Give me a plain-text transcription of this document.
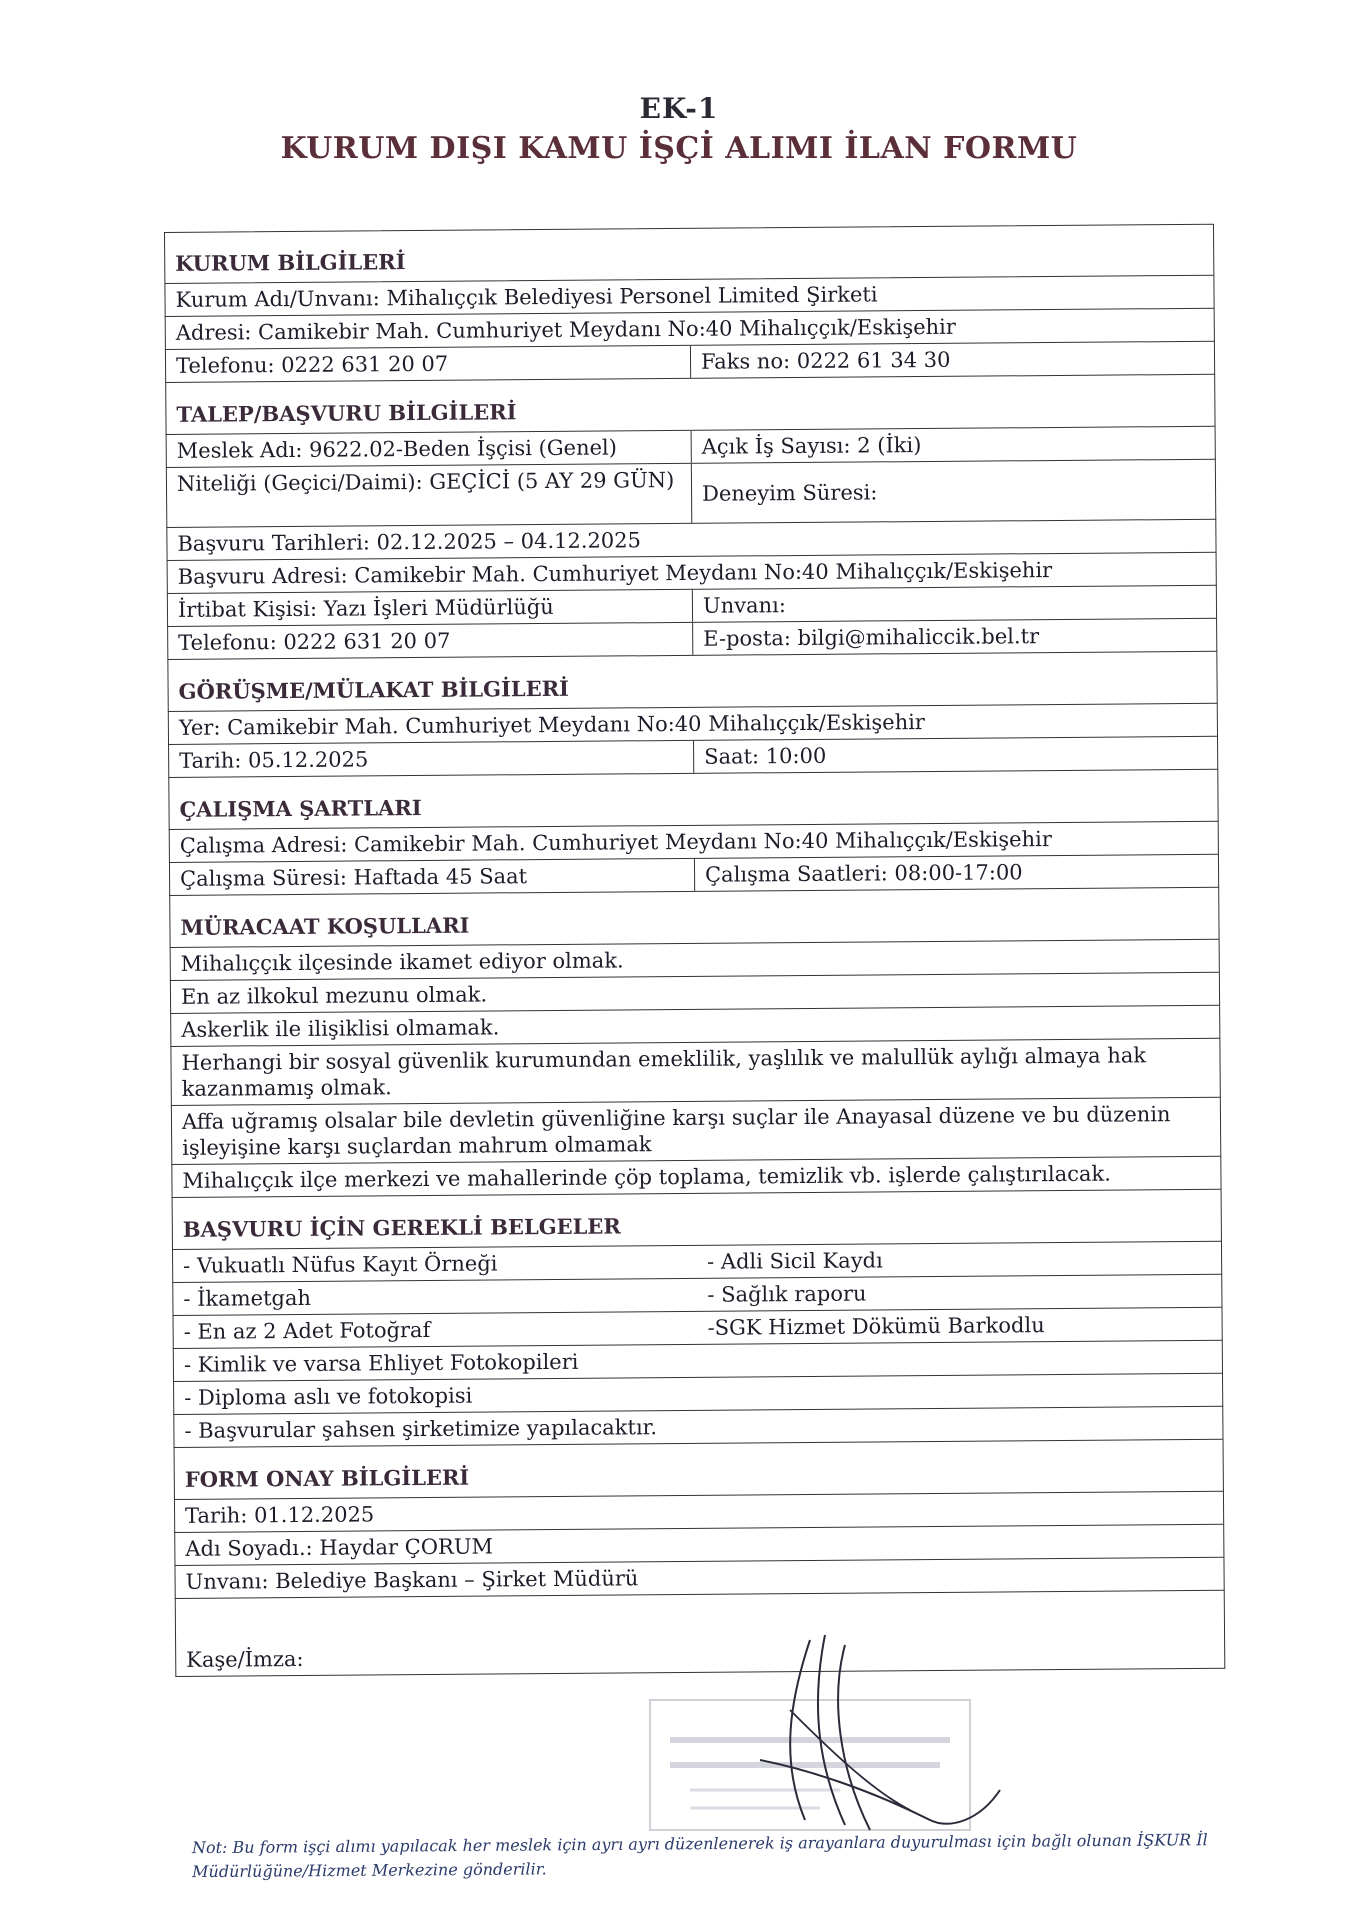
EK-1
KURUM DIŞI KAMU İŞÇİ ALIMI İLAN FORMU
KURUM BİLGİLERİ
Kurum Adı/Unvanı: Mihalıççık Belediyesi Personel Limited Şirketi
Adresi: Camikebir Mah. Cumhuriyet Meydanı No:40 Mihalıççık/Eskişehir
Telefonu: 0222 631 20 07	Faks no: 0222 61 34 30
TALEP/BAŞVURU BİLGİLERİ
Meslek Adı: 9622.02-Beden İşçisi (Genel)	Açık İş Sayısı: 2 (İki)
Niteliği (Geçici/Daimi): GEÇİCİ (5 AY 29 GÜN)	Deneyim Süresi:
Başvuru Tarihleri: 02.12.2025 – 04.12.2025
Başvuru Adresi: Camikebir Mah. Cumhuriyet Meydanı No:40 Mihalıççık/Eskişehir
İrtibat Kişisi: Yazı İşleri Müdürlüğü	Unvanı:
Telefonu: 0222 631 20 07	E-posta: bilgi@mihaliccik.bel.tr
GÖRÜŞME/MÜLAKAT BİLGİLERİ
Yer: Camikebir Mah. Cumhuriyet Meydanı No:40 Mihalıççık/Eskişehir
Tarih: 05.12.2025	Saat: 10:00
ÇALIŞMA ŞARTLARI
Çalışma Adresi: Camikebir Mah. Cumhuriyet Meydanı No:40 Mihalıççık/Eskişehir
Çalışma Süresi: Haftada 45 Saat	Çalışma Saatleri: 08:00-17:00
MÜRACAAT KOŞULLARI
Mihalıççık ilçesinde ikamet ediyor olmak.
En az ilkokul mezunu olmak.
Askerlik ile ilişiklisi olmamak.
Herhangi bir sosyal güvenlik kurumundan emeklilik, yaşlılık ve malullük aylığı almaya hak kazanmamış olmak.
Affa uğramış olsalar bile devletin güvenliğine karşı suçlar ile Anayasal düzene ve bu düzenin işleyişine karşı suçlardan mahrum olmamak
Mihalıççık ilçe merkezi ve mahallerinde çöp toplama, temizlik vb. işlerde çalıştırılacak.
BAŞVURU İÇİN GEREKLİ BELGELER
- Vukuatlı Nüfus Kayıt Örneği	- Adli Sicil Kaydı
- İkametgah	- Sağlık raporu
- En az 2 Adet Fotoğraf	-SGK Hizmet Dökümü Barkodlu
- Kimlik ve varsa Ehliyet Fotokopileri
- Diploma aslı ve fotokopisi
- Başvurular şahsen şirketimize yapılacaktır.
FORM ONAY BİLGİLERİ
Tarih: 01.12.2025
Adı Soyadı.: Haydar ÇORUM
Unvanı: Belediye Başkanı – Şirket Müdürü
Kaşe/İmza:
Not: Bu form işçi alımı yapılacak her meslek için ayrı ayrı düzenlenerek iş arayanlara duyurulması için bağlı olunan İŞKUR İl Müdürlüğüne/Hizmet Merkezine gönderilir.
